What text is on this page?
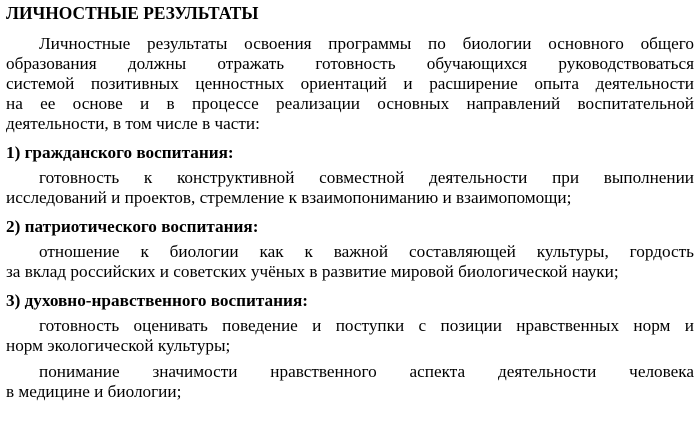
ЛИЧНОСТНЫЕ РЕЗУЛЬТАТЫ
Личностные результаты освоения программы по биологии основного общего
образования должны отражать готовность обучающихся руководствоваться
системой позитивных ценностных ориентаций и расширение опыта деятельности
на ее основе и в процессе реализации основных направлений воспитательной
деятельности, в том числе в части:
1) гражданского воспитания:
готовность к конструктивной совместной деятельности при выполнении
исследований и проектов, стремление к взаимопониманию и взаимопомощи;
2) патриотического воспитания:
отношение к биологии как к важной составляющей культуры, гордость
за вклад российских и советских учёных в развитие мировой биологической науки;
3) духовно-нравственного воспитания:
готовность оценивать поведение и поступки с позиции нравственных норм и
норм экологической культуры;
понимание значимости нравственного аспекта деятельности человека
в медицине и биологии;
